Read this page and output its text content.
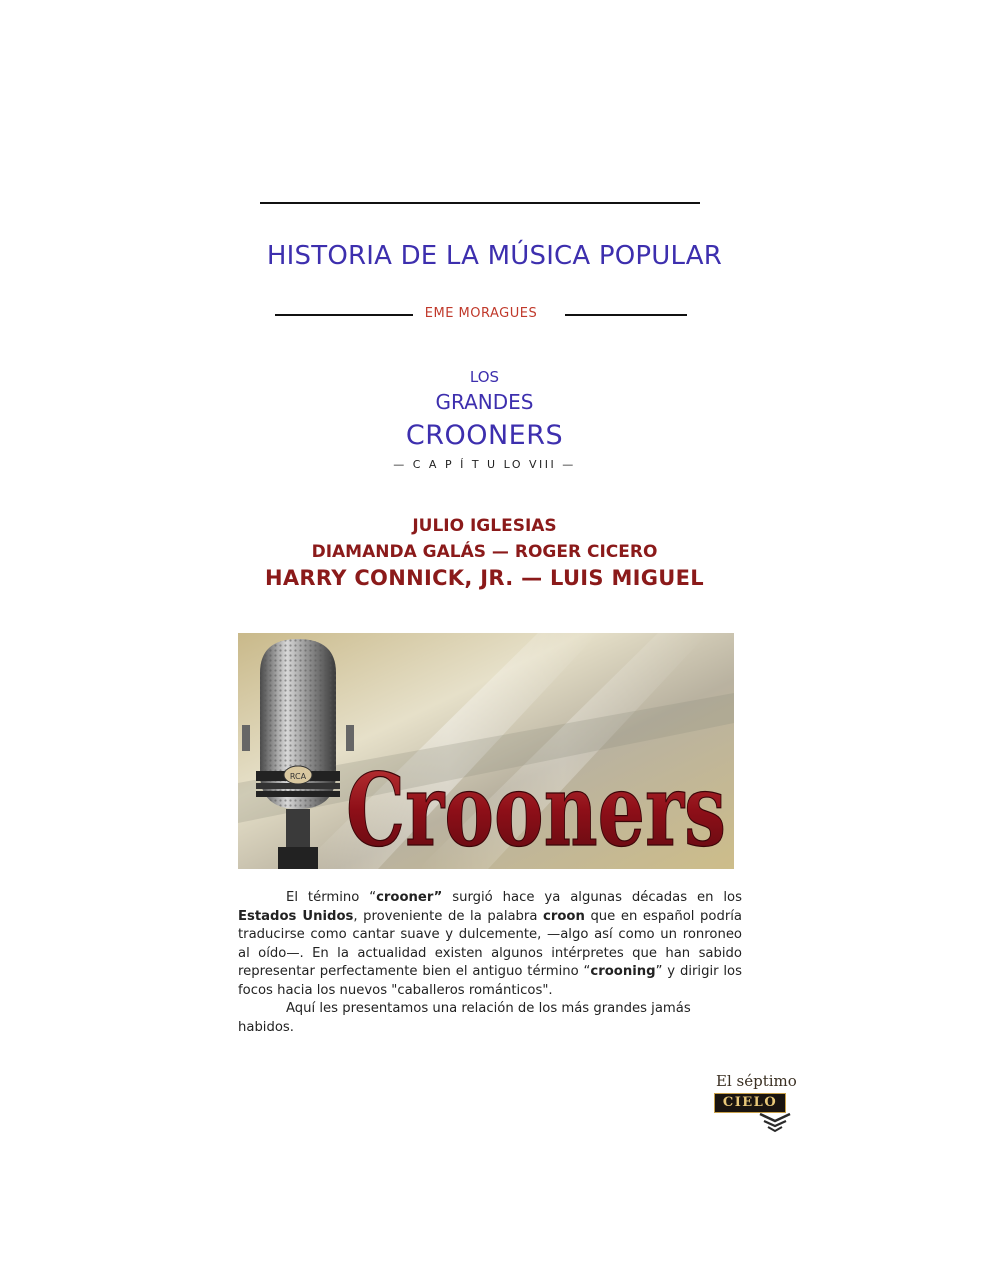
HISTORIA DE LA MÚSICA POPULAR
EME MORAGUES
LOS
GRANDES
CROONERS
— C A P Í T U LO VIII —
JULIO IGLESIAS
DIAMANDA GALÁS — ROGER CICERO
HARRY CONNICK, JR. — LUIS MIGUEL
RCA Crooners

El término “crooner” surgió hace ya algunas décadas en los Estados Unidos, proveniente de la palabra croon que en español podría traducirse como cantar suave y dulcemente, —algo así como un ronroneo al oído—. En la actualidad existen algunos intérpretes que han sabido representar perfectamente bien el antiguo término “crooning” y dirigir los focos hacia los nuevos "caballeros románticos".

Aquí les presentamos una relación de los más grandes jamás habidos.

El séptimo
CIELO
